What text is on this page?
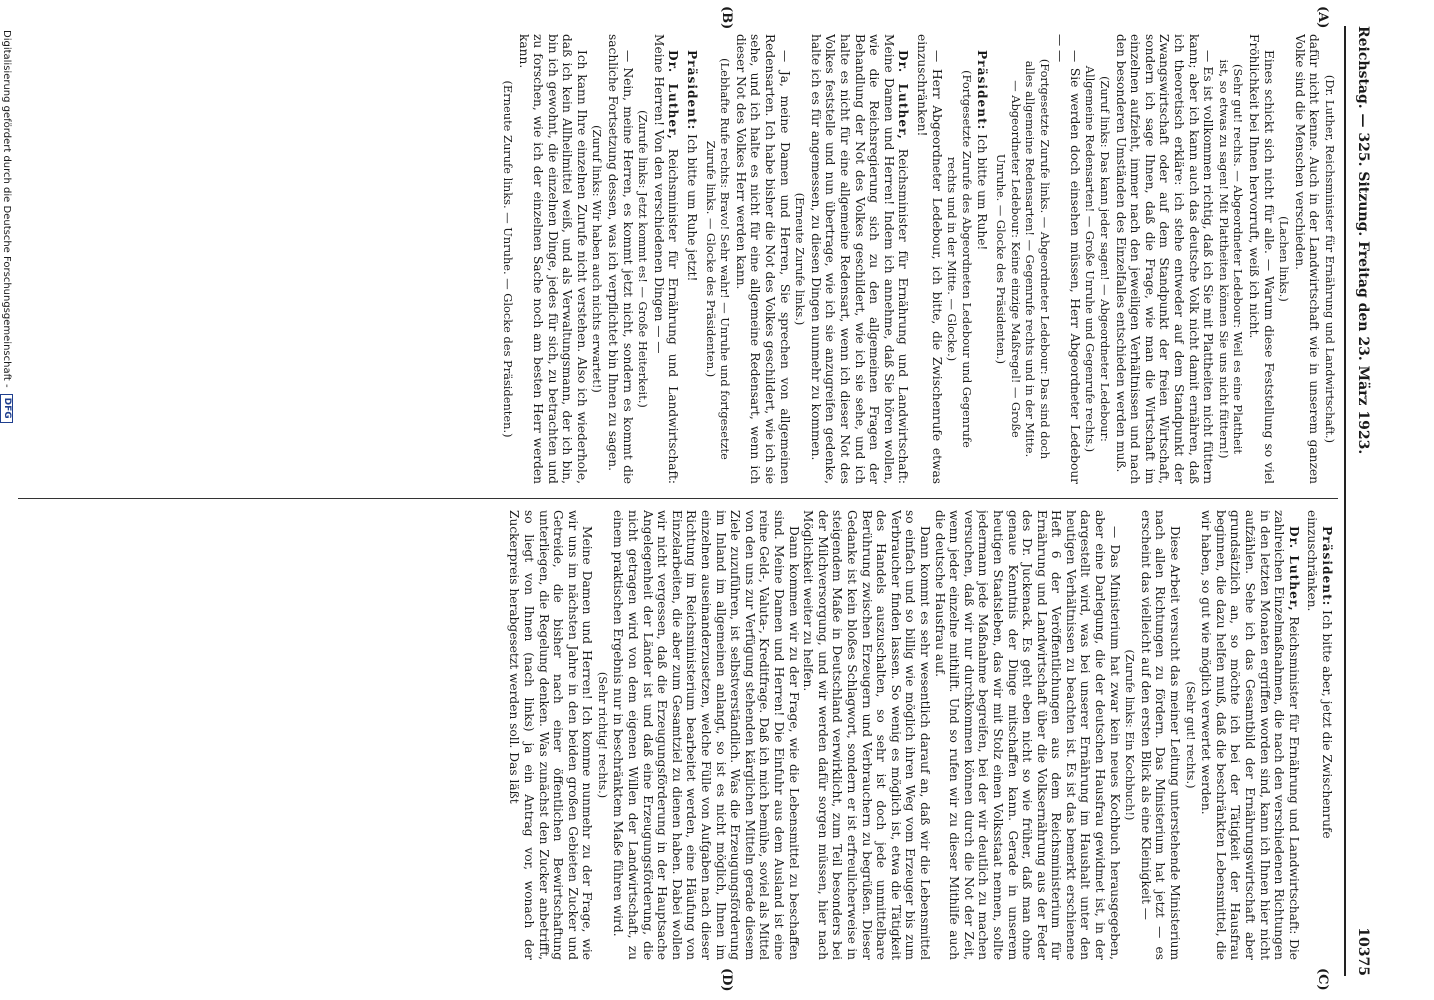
Reichstag. — 325. Sitzung. Freitag den 23. März 1923.
10375
(A)
(B)
(C)
(D)

(Dr. Luther, Reichsminister für Ernährung und Landwirtschaft.)

dafür nicht kenne. Auch in der Landwirtschaft wie in unserem ganzen Volke sind die Menschen verschieden.

(Lachen links.)

Eines schickt sich nicht für alle. — Warum diese Feststellung so viel Fröhlichkeit bei Ihnen hervorruft, weiß ich nicht.

(Sehr gut! rechts. — Abgeordneter Ledebour: Weil es eine Plattheit ist, so etwas zu sagen! Mit Plattheiten können Sie uns nicht füttern!)

— Es ist vollkommen richtig, daß ich Sie mit Plattheiten nicht füttern kann; aber ich kann auch das deutsche Volk nicht damit ernähren, daß ich theoretisch erkläre: ich stehe entweder auf dem Standpunkt der Zwangswirtschaft oder auf dem Standpunkt der freien Wirtschaft, sondern ich sage Ihnen, daß die Frage, wie man die Wirtschaft im einzelnen aufzieht, immer nach den jeweiligen Verhältnissen und nach den besonderen Umständen des Einzelfalles entschieden werden muß.

(Zuruf links: Das kann jeder sagen! — Abgeordneter Ledebour: Allgemeine Redensarten! — Große Unruhe und Gegenrufe rechts.)

— Sie werden doch einsehen müssen, Herr Abgeordneter Ledebour — —

(Fortgesetzte Zurufe links. — Abgeordneter Ledebour: Das sind doch alles allgemeine Redensarten! — Gegenrufe rechts und in der Mitte. — Abgeordneter Ledebour: Keine einzige Maßregel! — Große Unruhe. — Glocke des Präsidenten.)

Präsident: Ich bitte um Ruhe!

(Fortgesetzte Zurufe des Abgeordneten Ledebour und Gegenrufe rechts und in der Mitte. — Glocke.)

— Herr Abgeordneter Ledebour, ich bitte, die Zwischenrufe etwas einzuschränken!

Dr. Luther, Reichsminister für Ernährung und Landwirtschaft: Meine Damen und Herren! Indem ich annehme, daß Sie hören wollen, wie die Reichsregierung sich zu den allgemeinen Fragen der Behandlung der Not des Volkes geschildert, wie ich sie sehe, und ich halte es nicht für eine allgemeine Redensart, wenn ich dieser Not des Volkes feststelle und nun übertrage, wie ich sie anzugreifen gedenke, halte ich es für angemessen, zu diesen Dingen nunmehr zu kommen.

(Erneute Zurufe links.)

— Ja, meine Damen und Herren, Sie sprechen von allgemeinen Redensarten. Ich habe bisher die Not des Volkes geschildert, wie ich sie sehe, und ich halte es nicht für eine allgemeine Redensart, wenn ich dieser Not des Volkes Herr werden kann.

(Lebhafte Rufe rechts: Bravo! Sehr wahr! — Unruhe und fortgesetzte Zurufe links. — Glocke des Präsidenten.)

Präsident: Ich bitte um Ruhe jetzt!

Dr. Luther, Reichsminister für Ernährung und Landwirtschaft: Meine Herren! Von den verschiedenen Dingen — —

(Zurufe links: Jetzt kommt es! — Große Heiterkeit.)

— Nein, meine Herren, es kommt jetzt nicht, sondern es kommt die sachliche Fortsetzung dessen, was ich verpflichtet bin Ihnen zu sagen.

(Zuruf links: Wir haben auch nichts erwartet!)

Ich kann Ihre einzelnen Zurufe nicht verstehen. Also ich wiederhole, daß ich kein Allheilmittel weiß, und als Verwaltungsmann, der ich bin, bin ich gewohnt, die einzelnen Dinge, jedes für sich, zu betrachten und zu forschen, wie ich der einzelnen Sache noch am besten Herr werden kann.

(Erneute Zurufe links. — Unruhe. — Glocke des Präsidenten.)

Präsident: Ich bitte aber, jetzt die Zwischenrufe

einzuschränken.

Dr. Luther, Reichsminister für Ernährung und Landwirtschaft: Die zahlreichen Einzelmaßnahmen, die nach den verschiedenen Richtungen in den letzten Monaten ergriffen worden sind, kann ich Ihnen hier nicht aufzählen. Sehe ich das Gesamtbild der Ernährungswirtschaft aber grundsätzlich an, so möchte ich bei der Tätigkeit der Hausfrau beginnen, die dazu helfen muß, daß die beschränkten Lebensmittel, die wir haben, so gut wie möglich verwertet werden.

(Sehr gut! rechts.)

Diese Arbeit versucht das meiner Leitung unterstehende Ministerium nach allen Richtungen zu fördern. Das Ministerium hat jetzt — es erscheint das vielleicht auf den ersten Blick als eine Kleinigkeit —

(Zurufe links: Ein Kochbuch!)

— Das Ministerium hat zwar kein neues Kochbuch herausgegeben, aber eine Darlegung, die der deutschen Hausfrau gewidmet ist, in der dargestellt wird, was bei unserer Ernährung im Haushalt unter den heutigen Verhältnissen zu beachten ist. Es ist das bemerkt erschienene Heft 6 der Veröffentlichungen aus dem Reichsministerium für Ernährung und Landwirtschaft über die Volksernährung aus der Feder des Dr. Juckenack. Es geht eben nicht so wie früher, daß man ohne genaue Kenntnis der Dinge mitschaffen kann. Gerade in unserem heutigen Staatsleben, das wir mit Stolz einen Volksstaat nennen, sollte jedermann jede Maßnahme begreifen, bei der wir deutlich zu machen versuchen, daß wir nur durchkommen können durch die Not der Zeit, wenn jeder einzelne mithilft. Und so rufen wir zu dieser Mithilfe auch die deutsche Hausfrau auf.

Dann kommt es sehr wesentlich darauf an, daß wir die Lebensmittel so einfach und so billig wie möglich ihren Weg vom Erzeuger bis zum Verbraucher finden lassen. So wenig es möglich ist, etwa die Tätigkeit des Handels auszuschalten, so sehr ist doch jede unmittelbare Berührung zwischen Erzeugern und Verbrauchern zu begrüßen. Dieser Gedanke ist kein bloßes Schlagwort, sondern er ist erfreulicherweise in steigendem Maße in Deutschland verwirklicht, zum Teil besonders bei der Milchversorgung, und wir werden dafür sorgen müssen, hier nach Möglichkeit weiter zu helfen.

Dann kommen wir zu der Frage, wie die Lebensmittel zu beschaffen sind. Meine Damen und Herren! Die Einfuhr aus dem Ausland ist eine reine Geld-, Valuta-, Kreditfrage. Daß ich mich bemühe, soviel als Mittel von den uns zur Verfügung stehenden kärglichen Mitteln gerade diesem Ziele zuzuführen, ist selbstverständlich. Was die Erzeugungsförderung im Inland im allgemeinen anlangt, so ist es nicht möglich, Ihnen im einzelnen auseinanderzusetzen, welche Fülle von Aufgaben nach dieser Richtung im Reichsministerium bearbeitet werden, eine Häufung von Einzelarbeiten, die aber zum Gesamtziel zu dienen haben. Dabei wollen wir nicht vergessen, daß die Erzeugungsförderung in der Hauptsache Angelegenheit der Länder ist und daß eine Erzeugungsförderung, die nicht getragen wird von dem eigenen Willen der Landwirtschaft, zu einem praktischen Ergebnis nur in beschränktem Maße führen wird.

(Sehr richtig! rechts.)

Meine Damen und Herren! Ich komme nunmehr zu der Frage, wie wir uns im nächsten Jahre in den beiden großen Gebieten Zucker und Getreide, die bisher nach einer öffentlichen Bewirtschaftung unterliegen, die Regelung denken. Was zunächst den Zucker anbetrifft, so liegt von Ihnen (nach links) ja ein Antrag vor, wonach der Zuckerpreis herabgesetzt werden soll. Das läßt

Digitalisierung gefördert durch die Deutsche Forschungsgemeinschaft -
DFG
